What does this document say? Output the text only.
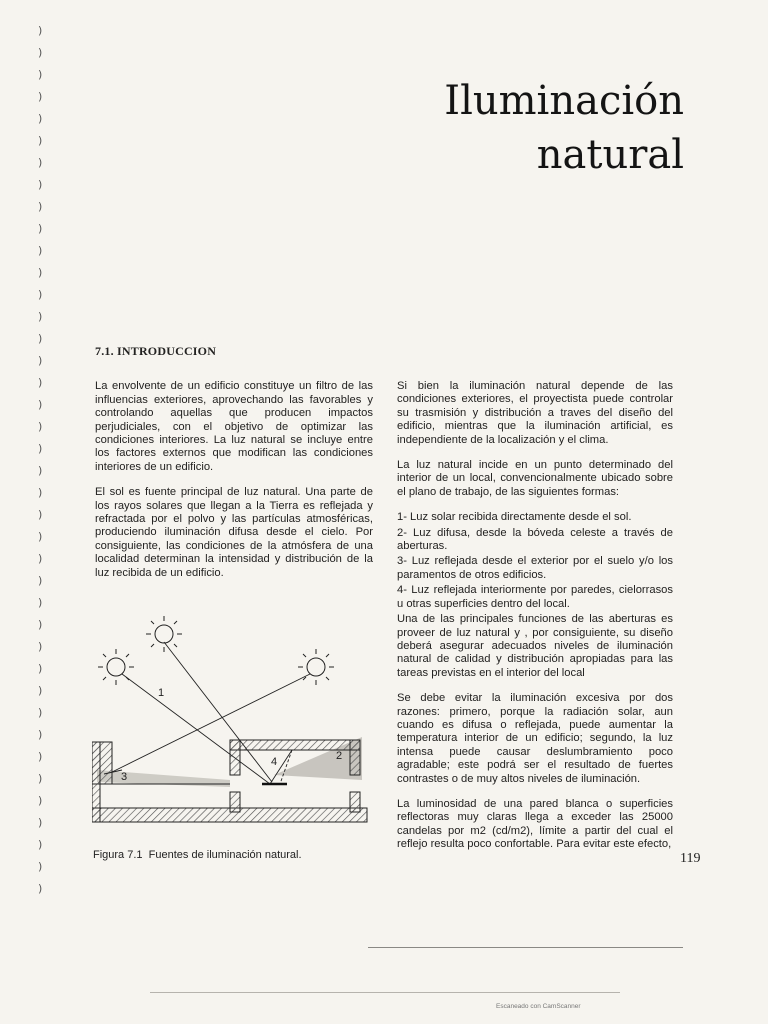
)
)
)
)
)
)
)
)
)
)
)
)
)
)
)
)
)
)
)
)
)
)
)
)
)
)
)
)
)
)
)
)
)
)
)
)
)
)
)
)

Iluminación
natural
7.1. INTRODUCCION

La envolvente de un edificio constituye un filtro de las influencias exteriores, aprovechando las favorables y controlando aquellas que producen impactos perjudiciales, con el objetivo de optimizar las condiciones interiores. La luz natural se incluye entre los factores externos que modifican las condiciones interiores de un edificio.

El sol es fuente principal de luz natural. Una parte de los rayos solares que llegan a la Tierra es reflejada y refractada por el polvo y las partículas atmosféricas, produciendo iluminación difusa desde el cielo. Por consiguiente, las condiciones de la atmósfera de una localidad determinan la intensidad y distribución de la luz recibida de un edificio.

1
2
3
4
Figura 7.1 Fuentes de iluminación natural.

Si bien la iluminación natural depende de las condiciones exteriores, el proyectista puede controlar su trasmisión y distribución a traves del diseño del edificio, mientras que la iluminación artificial, es independiente de la localización y el clima.

La luz natural incide en un punto determinado del interior de un local, convencionalmente ubicado sobre el plano de trabajo, de las siguientes formas:

1- Luz solar recibida directamente desde el sol.

2- Luz difusa, desde la bóveda celeste a través de aberturas.

3- Luz reflejada desde el exterior por el suelo y/o los paramentos de otros edificios.

4- Luz reflejada interiormente por paredes, cielorrasos u otras superficies dentro del local.

Una de las principales funciones de las aberturas es proveer de luz natural y , por consiguiente, su diseño deberá asegurar adecuados niveles de iluminación natural de calidad y distribución apropiadas para las tareas previstas en el interior del local

Se debe evitar la iluminación excesiva por dos razones: primero, porque la radiación solar, aun cuando es difusa o reflejada, puede aumentar la temperatura interior de un edificio; segundo, la luz intensa puede causar deslumbramiento poco agradable; este podrá ser el resultado de fuertes contrastes o de muy altos niveles de iluminación.

La luminosidad de una pared blanca o superficies reflectoras muy claras llega a exceder las 25000 candelas por m2 (cd/m2), límite a partir del cual el reflejo resulta poco confortable. Para evitar este efecto,

119
Escaneado con CamScanner
